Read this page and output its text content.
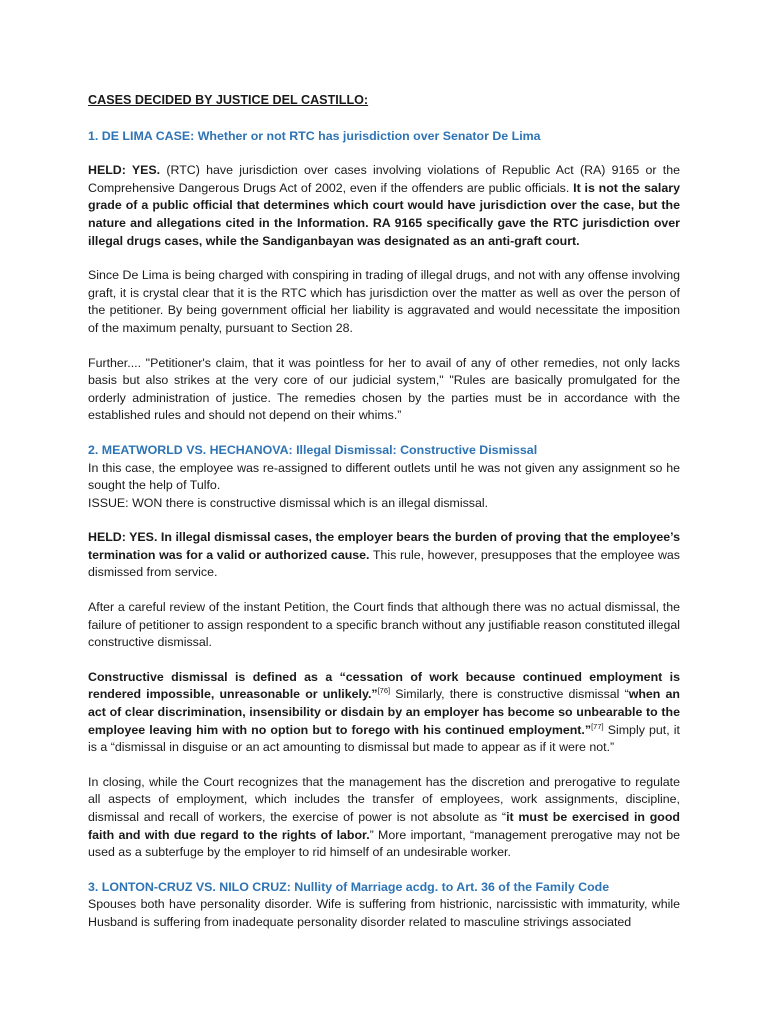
CASES DECIDED BY JUSTICE DEL CASTILLO:
1. DE LIMA CASE: Whether or not RTC has jurisdiction over Senator De Lima

HELD: YES. (RTC) have jurisdiction over cases involving violations of Republic Act (RA) 9165 or the Comprehensive Dangerous Drugs Act of 2002, even if the offenders are public officials. It is not the salary grade of a public official that determines which court would have jurisdiction over the case, but the nature and allegations cited in the Information. RA 9165 specifically gave the RTC jurisdiction over illegal drugs cases, while the Sandiganbayan was designated as an anti-graft court.

Since De Lima is being charged with conspiring in trading of illegal drugs, and not with any offense involving graft, it is crystal clear that it is the RTC which has jurisdiction over the matter as well as over the person of the petitioner. By being government official her liability is aggravated and would necessitate the imposition of the maximum penalty, pursuant to Section 28.

Further.... "Petitioner's claim, that it was pointless for her to avail of any of other remedies, not only lacks basis but also strikes at the very core of our judicial system," "Rules are basically promulgated for the orderly administration of justice. The remedies chosen by the parties must be in accordance with the established rules and should not depend on their whims.”

2. MEATWORLD VS. HECHANOVA: Illegal Dismissal: Constructive Dismissal

In this case, the employee was re-assigned to different outlets until he was not given any assignment so he sought the help of Tulfo.

ISSUE: WON there is constructive dismissal which is an illegal dismissal.

HELD: YES. In illegal dismissal cases, the employer bears the burden of proving that the employee’s termination was for a valid or authorized cause. This rule, however, presupposes that the employee was dismissed from service.

After a careful review of the instant Petition, the Court finds that although there was no actual dismissal, the failure of petitioner to assign respondent to a specific branch without any justifiable reason constituted illegal constructive dismissal.

Constructive dismissal is defined as a “cessation of work because continued employment is rendered impossible, unreasonable or unlikely.”[76] Similarly, there is constructive dismissal “when an act of clear discrimination, insensibility or disdain by an employer has become so unbearable to the employee leaving him with no option but to forego with his continued employment.”[77] Simply put, it is a “dismissal in disguise or an act amounting to dismissal but made to appear as if it were not.”

In closing, while the Court recognizes that the management has the discretion and prerogative to regulate all aspects of employment, which includes the transfer of employees, work assignments, discipline, dismissal and recall of workers, the exercise of power is not absolute as “it must be exercised in good faith and with due regard to the rights of labor.” More important, “management prerogative may not be used as a subterfuge by the employer to rid himself of an undesirable worker.

3. LONTON-CRUZ VS. NILO CRUZ: Nullity of Marriage acdg. to Art. 36 of the Family Code

Spouses both have personality disorder. Wife is suffering from histrionic, narcissistic with immaturity, while Husband is suffering from inadequate personality disorder related to masculine strivings associated
